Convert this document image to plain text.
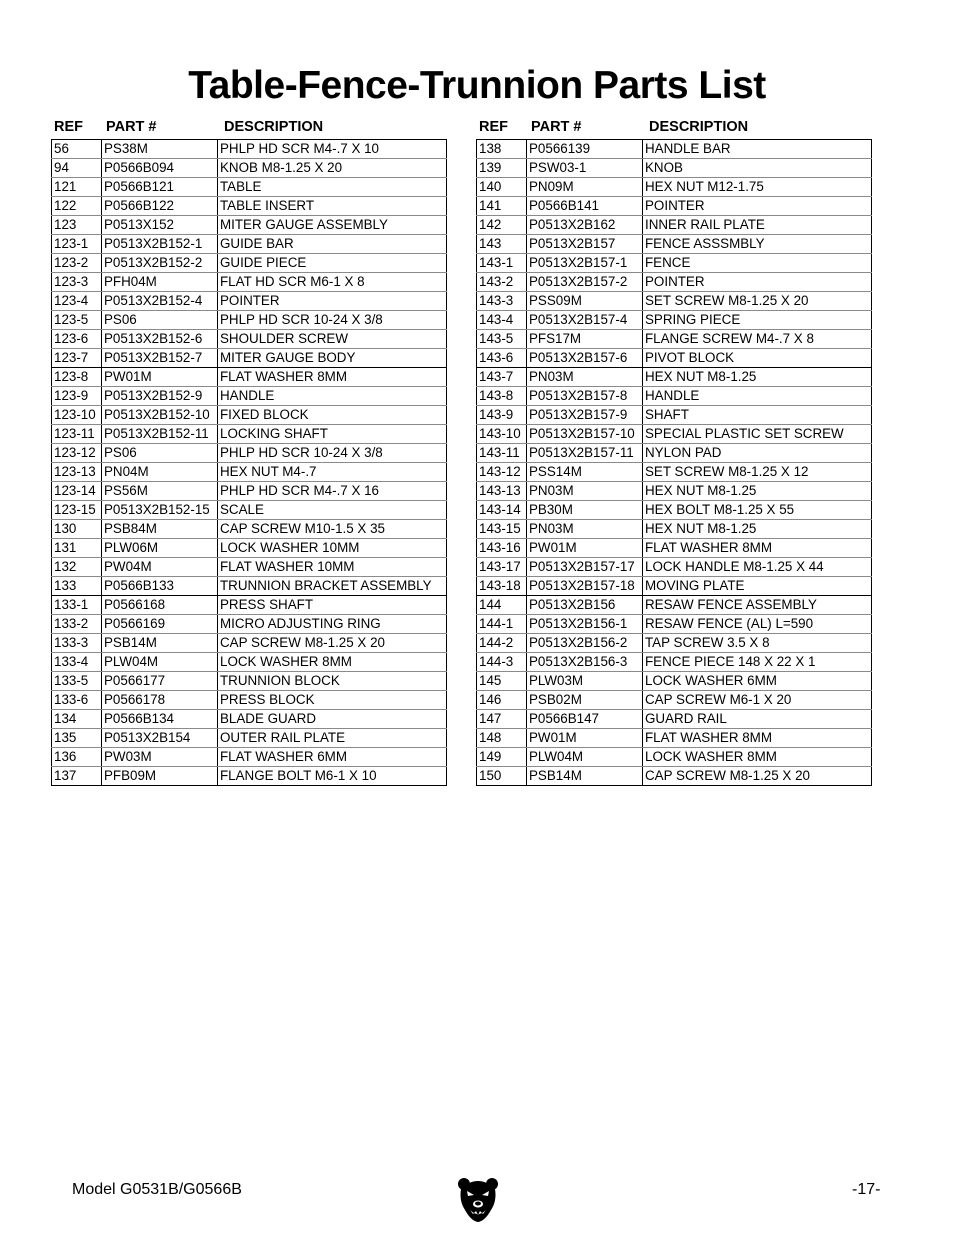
Table-Fence-Trunnion Parts List
REF PART #	DESCRIPTION
56	PS38M	PHLP HD SCR M4-.7 X 10
94	P0566B094	KNOB M8-1.25 X 20
121	P0566B121	TABLE
122	P0566B122	TABLE INSERT
123	P0513X152	MITER GAUGE ASSEMBLY
123-1	P0513X2B152-1	GUIDE BAR
123-2	P0513X2B152-2	GUIDE PIECE
123-3	PFH04M	FLAT HD SCR M6-1 X 8
123-4	P0513X2B152-4	POINTER
123-5	PS06	PHLP HD SCR 10-24 X 3/8
123-6	P0513X2B152-6	SHOULDER SCREW
123-7	P0513X2B152-7	MITER GAUGE BODY
123-8	PW01M	FLAT WASHER 8MM
123-9	P0513X2B152-9	HANDLE
123-10	P0513X2B152-10	FIXED BLOCK
123-11	P0513X2B152-11	LOCKING SHAFT
123-12	PS06	PHLP HD SCR 10-24 X 3/8
123-13	PN04M	HEX NUT M4-.7
123-14	PS56M	PHLP HD SCR M4-.7 X 16
123-15	P0513X2B152-15	SCALE
130	PSB84M	CAP SCREW M10-1.5 X 35
131	PLW06M	LOCK WASHER 10MM
132	PW04M	FLAT WASHER 10MM
133	P0566B133	TRUNNION BRACKET ASSEMBLY
133-1	P0566168	PRESS SHAFT
133-2	P0566169	MICRO ADJUSTING RING
133-3	PSB14M	CAP SCREW M8-1.25 X 20
133-4	PLW04M	LOCK WASHER 8MM
133-5	P0566177	TRUNNION BLOCK
133-6	P0566178	PRESS BLOCK
134	P0566B134	BLADE GUARD
135	P0513X2B154	OUTER RAIL PLATE
136	PW03M	FLAT WASHER 6MM
137	PFB09M	FLANGE BOLT M6-1 X 10
REF PART #	DESCRIPTION
138	P0566139	HANDLE BAR
139	PSW03-1	KNOB
140	PN09M	HEX NUT M12-1.75
141	P0566B141	POINTER
142	P0513X2B162	INNER RAIL PLATE
143	P0513X2B157	FENCE ASSSMBLY
143-1	P0513X2B157-1	FENCE
143-2	P0513X2B157-2	POINTER
143-3	PSS09M	SET SCREW M8-1.25 X 20
143-4	P0513X2B157-4	SPRING PIECE
143-5	PFS17M	FLANGE SCREW M4-.7 X 8
143-6	P0513X2B157-6	PIVOT BLOCK
143-7	PN03M	HEX NUT M8-1.25
143-8	P0513X2B157-8	HANDLE
143-9	P0513X2B157-9	SHAFT
143-10	P0513X2B157-10	SPECIAL PLASTIC SET SCREW
143-11	P0513X2B157-11	NYLON PAD
143-12	PSS14M	SET SCREW M8-1.25 X 12
143-13	PN03M	HEX NUT M8-1.25
143-14	PB30M	HEX BOLT M8-1.25 X 55
143-15	PN03M	HEX NUT M8-1.25
143-16	PW01M	FLAT WASHER 8MM
143-17	P0513X2B157-17	LOCK HANDLE M8-1.25 X 44
143-18	P0513X2B157-18	MOVING PLATE
144	P0513X2B156	RESAW FENCE ASSEMBLY
144-1	P0513X2B156-1	RESAW FENCE (AL) L=590
144-2	P0513X2B156-2	TAP SCREW 3.5 X 8
144-3	P0513X2B156-3	FENCE PIECE 148 X 22 X 1
145	PLW03M	LOCK WASHER 6MM
146	PSB02M	CAP SCREW M6-1 X 20
147	P0566B147	GUARD RAIL
148	PW01M	FLAT WASHER 8MM
149	PLW04M	LOCK WASHER 8MM
150	PSB14M	CAP SCREW M8-1.25 X 20
Model G0531B/G0566B	-17-
